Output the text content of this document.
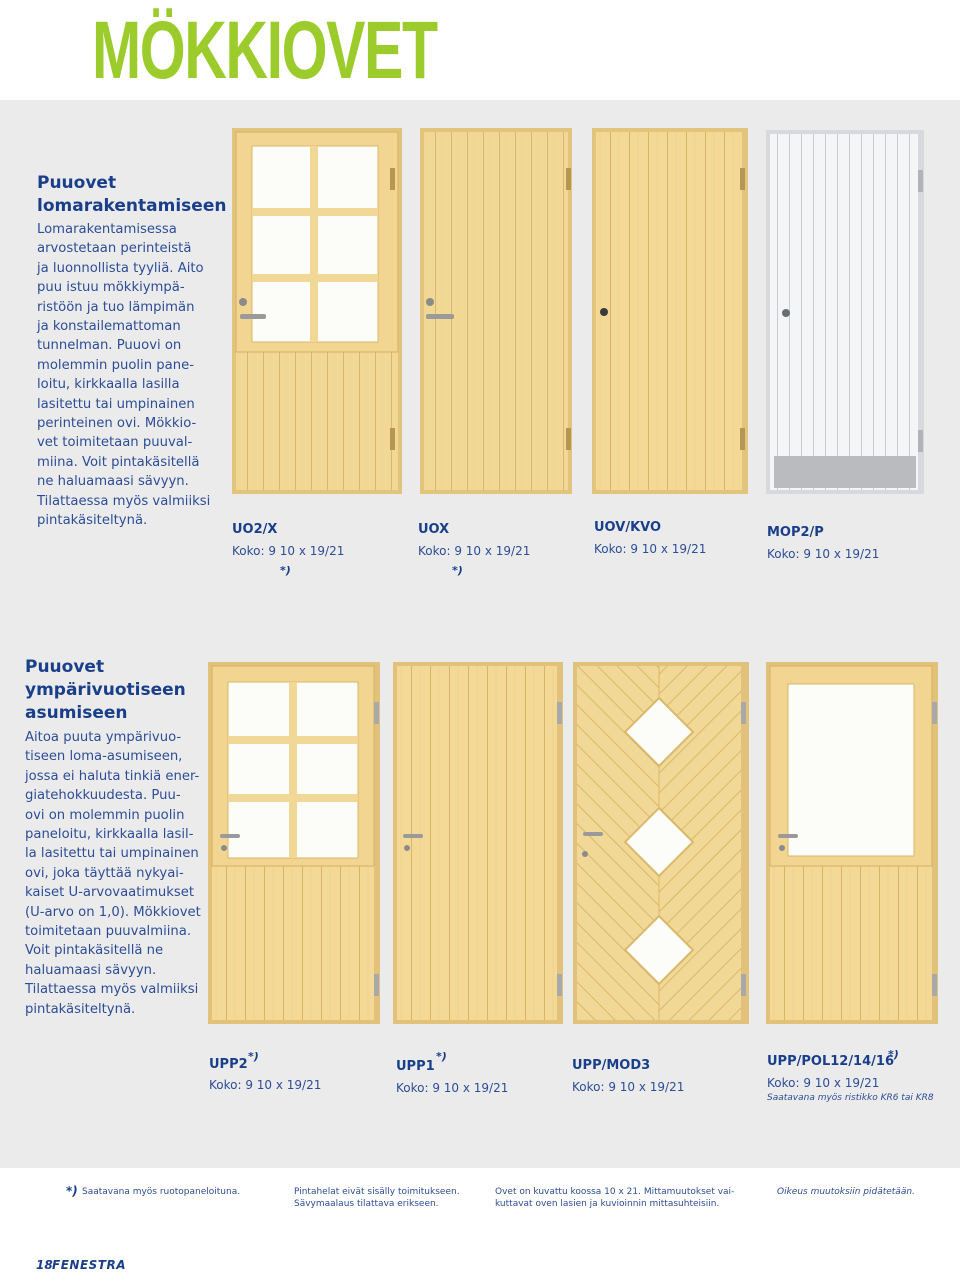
MÖKKIOVET
Puuovet
lomarakentamiseen

Lomarakentamisessa
arvostetaan perinteistä
ja luonnollista tyyliä. Aito
puu istuu mökkiympä-
ristöön ja tuo lämpimän
ja konstailemattoman
tunnelman. Puuovi on
molemmin puolin pane-
loitu, kirkkaalla lasilla
lasitettu tai umpinainen
perinteinen ovi. Mökkio-
vet toimitetaan puuval-
miina. Voit pintakäsitellä
ne haluamaasi sävyyn.
Tilattaessa myös valmiiksi
pintakäsiteltynä.

UO2/X
Koko: 9 10 x 19/21
*)
UOX
Koko: 9 10 x 19/21
*)
UOV/KVO
Koko: 9 10 x 19/21
MOP2/P
Koko: 9 10 x 19/21
Puuovet
ympärivuotiseen
asumiseen

Aitoa puuta ympärivuo-
tiseen loma-asumiseen,
jossa ei haluta tinkiä ener-
giatehokkuudesta. Puu-
ovi on molemmin puolin
paneloitu, kirkkaalla lasil-
la lasitettu tai umpinainen
ovi, joka täyttää nykyai-
kaiset U-arvovaatimukset
(U-arvo on 1,0). Mökkiovet
toimitetaan puuvalmiina.
Voit pintakäsitellä ne
haluamaasi sävyyn.
Tilattaessa myös valmiiksi
pintakäsiteltynä.

UPP2
*)
Koko: 9 10 x 19/21
UPP1
*)
Koko: 9 10 x 19/21
UPP/MOD3
Koko: 9 10 x 19/21
UPP/POL12/14/16
*)
Koko: 9 10 x 19/21
Saatavana myös ristikko KR6 tai KR8
*) Saatavana myös ruotopaneloituna.	Pintahelat eivät sisälly toimitukseen.
Sävymaalaus tilattava erikseen.

Ovet on kuvattu koossa 10 x 21. Mittamuutokset vai-
kuttavat oven lasien ja kuvioinnin mittasuhteisiin.

Oikeus muutoksiin pidätetään.

18 FENESTRA
